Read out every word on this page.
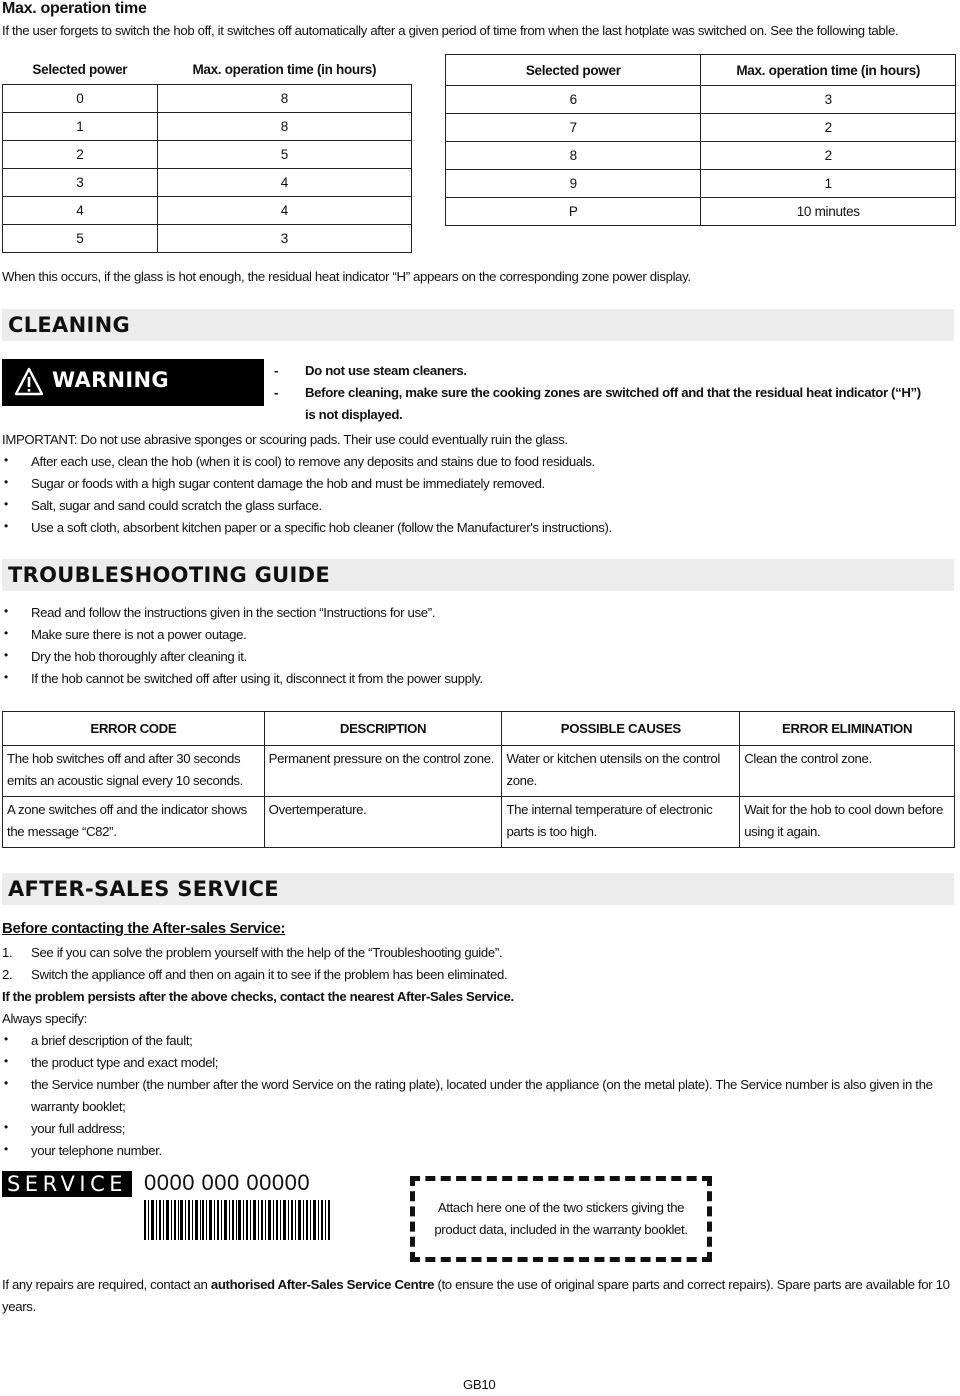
Max. operation time
If the user forgets to switch the hob off, it switches off automatically after a given period of time from when the last hotplate was switched on. See the following table.
Selected power	Max. operation time (in hours)
0	8
1	8
2	5
3	4
4	4
5	3
Selected power	Max. operation time (in hours)
6	3
7	2
8	2
9	1
P	10 minutes
When this occurs, if the glass is hot enough, the residual heat indicator “H” appears on the corresponding zone power display.
CLEANING
WARNING	- Do not use steam cleaners.
- Before cleaning, make sure the cooking zones are switched off and that the residual heat indicator (“H”)
is not displayed.
IMPORTANT: Do not use abrasive sponges or scouring pads. Their use could eventually ruin the glass.
• After each use, clean the hob (when it is cool) to remove any deposits and stains due to food residuals.
• Sugar or foods with a high sugar content damage the hob and must be immediately removed.
• Salt, sugar and sand could scratch the glass surface.
• Use a soft cloth, absorbent kitchen paper or a specific hob cleaner (follow the Manufacturer's instructions).
TROUBLESHOOTING GUIDE
• Read and follow the instructions given in the section “Instructions for use”.
• Make sure there is not a power outage.
• Dry the hob thoroughly after cleaning it.
• If the hob cannot be switched off after using it, disconnect it from the power supply.
ERROR CODE	DESCRIPTION	POSSIBLE CAUSES	ERROR ELIMINATION
The hob switches off and after 30 seconds
emits an acoustic signal every 10 seconds.	Permanent pressure on the control zone.	Water or kitchen utensils on the control
zone.	Clean the control zone.
A zone switches off and the indicator shows
the message “C82”.	Overtemperature.	The internal temperature of electronic
parts is too high.	Wait for the hob to cool down before
using it again.
AFTER-SALES SERVICE
Before contacting the After-sales Service:
1. See if you can solve the problem yourself with the help of the “Troubleshooting guide”.
2. Switch the appliance off and then on again it to see if the problem has been eliminated.
If the problem persists after the above checks, contact the nearest After-Sales Service.
Always specify:
• a brief description of the fault;
• the product type and exact model;
• the Service number (the number after the word Service on the rating plate), located under the appliance (on the metal plate). The Service number is also given in the
warranty booklet;
• your full address;
• your telephone number.
SERVICE 0000 000 00000
Attach here one of the two stickers giving the
product data, included in the warranty booklet.
If any repairs are required, contact an authorised After-Sales Service Centre (to ensure the use of original spare parts and correct repairs). Spare parts are available for 10
years.
GB10
